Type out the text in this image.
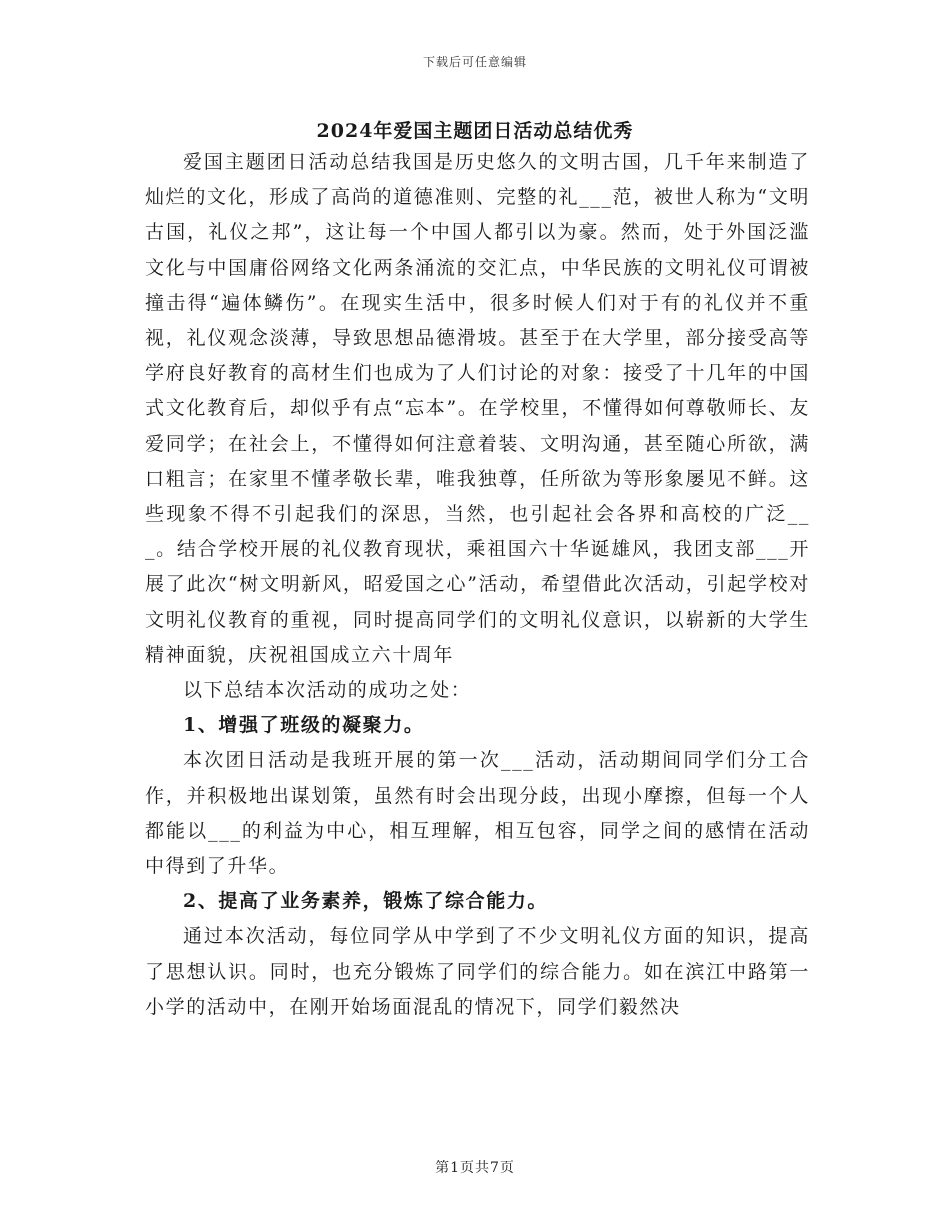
下载后可任意编辑
2024年爱国主题团日活动总结优秀

爱国主题团日活动总结我国是历史悠久的文明古国，几千年来制造了灿烂的文化，形成了高尚的道德准则、完整的礼___范，被世人称为“文明古国，礼仪之邦”，这让每一个中国人都引以为豪。然而，处于外国泛滥文化与中国庸俗网络文化两条涌流的交汇点，中华民族的文明礼仪可谓被撞击得“遍体鳞伤”。在现实生活中，很多时候人们对于有的礼仪并不重视，礼仪观念淡薄，导致思想品德滑坡。甚至于在大学里，部分接受高等学府良好教育的高材生们也成为了人们讨论的对象：接受了十几年的中国式文化教育后，却似乎有点“忘本”。在学校里，不懂得如何尊敬师长、友爱同学；在社会上，不懂得如何注意着装、文明沟通，甚至随心所欲，满口粗言；在家里不懂孝敬长辈，唯我独尊，任所欲为等形象屡见不鲜。这些现象不得不引起我们的深思，当然，也引起社会各界和高校的广泛___。结合学校开展的礼仪教育现状，乘祖国六十华诞雄风，我团支部___开展了此次“树文明新风，昭爱国之心”活动，希望借此次活动，引起学校对文明礼仪教育的重视，同时提高同学们的文明礼仪意识，以崭新的大学生精神面貌，庆祝祖国成立六十周年

以下总结本次活动的成功之处：

1、增强了班级的凝聚力。

本次团日活动是我班开展的第一次___活动，活动期间同学们分工合作，并积极地出谋划策，虽然有时会出现分歧，出现小摩擦，但每一个人都能以___的利益为中心，相互理解，相互包容，同学之间的感情在活动中得到了升华。

2、提高了业务素养，锻炼了综合能力。

通过本次活动，每位同学从中学到了不少文明礼仪方面的知识，提高了思想认识。同时，也充分锻炼了同学们的综合能力。如在滨江中路第一小学的活动中，在刚开始场面混乱的情况下，同学们毅然决

第1页共7页
